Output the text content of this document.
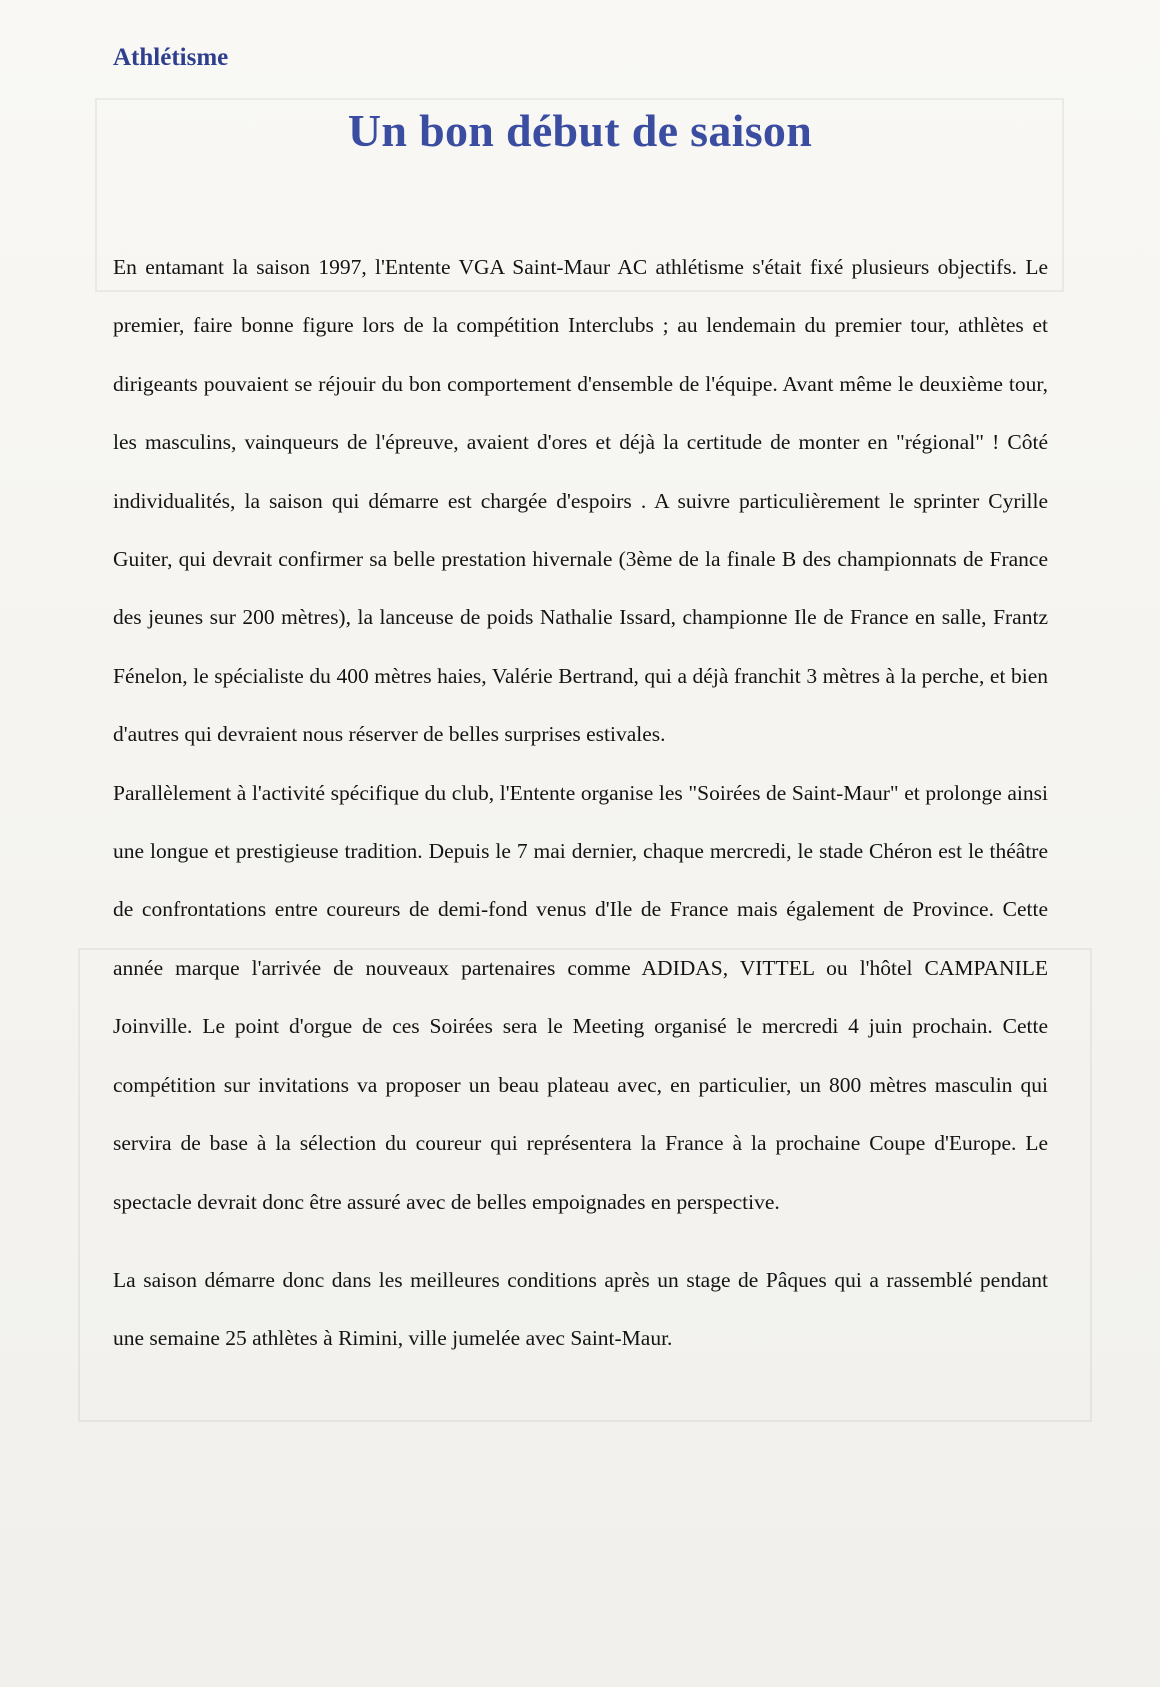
Athlétisme
Un bon début de saison

En entamant la saison 1997, l'Entente VGA Saint-Maur AC athlétisme s'était fixé plusieurs objectifs. Le premier, faire bonne figure lors de la compétition Interclubs ; au lendemain du premier tour, athlètes et dirigeants pouvaient se réjouir du bon comportement d'ensemble de l'équipe. Avant même le deuxième tour, les masculins, vainqueurs de l'épreuve, avaient d'ores et déjà la certitude de monter en "régional" ! Côté individualités, la saison qui démarre est chargée d'espoirs . A suivre particulièrement le sprinter Cyrille Guiter, qui devrait confirmer sa belle prestation hivernale (3ème de la finale B des championnats de France des jeunes sur 200 mètres), la lanceuse de poids Nathalie Issard, championne Ile de France en salle, Frantz Fénelon, le spécialiste du 400 mètres haies, Valérie Bertrand, qui a déjà franchit 3 mètres à la perche, et bien d'autres qui devraient nous réserver de belles surprises estivales.

Parallèlement à l'activité spécifique du club, l'Entente organise les "Soirées de Saint-Maur" et prolonge ainsi une longue et prestigieuse tradition. Depuis le 7 mai dernier, chaque mercredi, le stade Chéron est le théâtre de confrontations entre coureurs de demi-fond venus d'Ile de France mais également de Province. Cette année marque l'arrivée de nouveaux partenaires comme ADIDAS, VITTEL ou l'hôtel CAMPANILE Joinville. Le point d'orgue de ces Soirées sera le Meeting organisé le mercredi 4 juin prochain. Cette compétition sur invitations va proposer un beau plateau avec, en particulier, un 800 mètres masculin qui servira de base à la sélection du coureur qui représentera la France à la prochaine Coupe d'Europe. Le spectacle devrait donc être assuré avec de belles empoignades en perspective.

La saison démarre donc dans les meilleures conditions après un stage de Pâques qui a rassemblé pendant une semaine 25 athlètes à Rimini, ville jumelée avec Saint-Maur.
